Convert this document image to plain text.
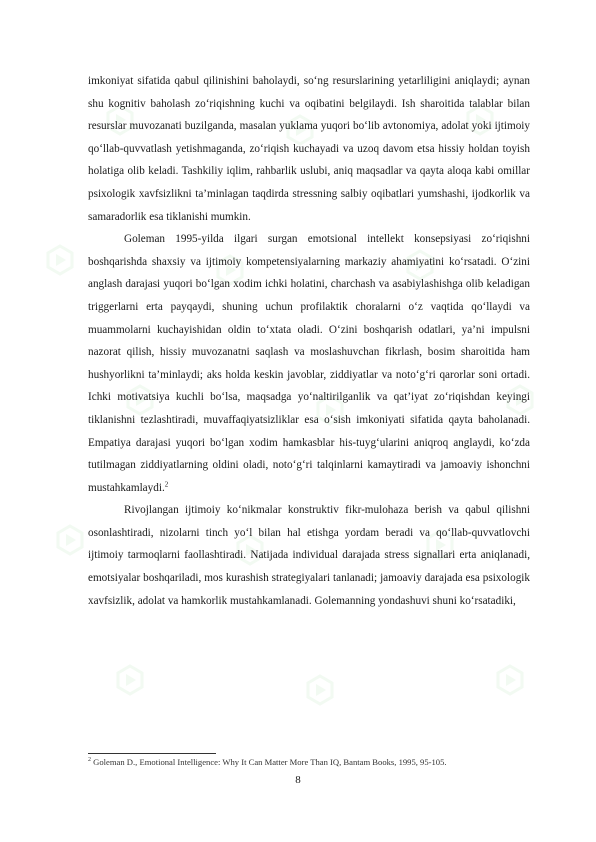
imkoniyat sifatida qabul qilinishini baholaydi, so‘ng resurslarining yetarliligini aniqlaydi; aynan shu kognitiv baholash zo‘riqishning kuchi va oqibatini belgilaydi. Ish sharoitida talablar bilan resurslar muvozanati buzilganda, masalan yuklama yuqori bo‘lib avtonomiya, adolat yoki ijtimoiy qo‘llab-quvvatlash yetishmaganda, zo‘riqish kuchayadi va uzoq davom etsa hissiy holdan toyish holatiga olib keladi. Tashkiliy iqlim, rahbarlik uslubi, aniq maqsadlar va qayta aloqa kabi omillar psixologik xavfsizlikni ta’minlagan taqdirda stressning salbiy oqibatlari yumshashi, ijodkorlik va samaradorlik esa tiklanishi mumkin.

Goleman 1995-yilda ilgari surgan emotsional intellekt konsepsiyasi zo‘riqishni boshqarishda shaxsiy va ijtimoiy kompetensiyalarning markaziy ahamiyatini ko‘rsatadi. O‘zini anglash darajasi yuqori bo‘lgan xodim ichki holatini, charchash va asabiylashishga olib keladigan triggerlarni erta payqaydi, shuning uchun profilaktik choralarni o‘z vaqtida qo‘llaydi va muammolarni kuchayishidan oldin to‘xtata oladi. O‘zini boshqarish odatlari, ya’ni impulsni nazorat qilish, hissiy muvozanatni saqlash va moslashuvchan fikrlash, bosim sharoitida ham hushyorlikni ta’minlaydi; aks holda keskin javoblar, ziddiyatlar va noto‘g‘ri qarorlar soni ortadi. Ichki motivatsiya kuchli bo‘lsa, maqsadga yo‘naltirilganlik va qat’iyat zo‘riqishdan keyingi tiklanishni tezlashtiradi, muvaffaqiyatsizliklar esa o‘sish imkoniyati sifatida qayta baholanadi. Empatiya darajasi yuqori bo‘lgan xodim hamkasblar his-tuyg‘ularini aniqroq anglaydi, ko‘zda tutilmagan ziddiyatlarning oldini oladi, noto‘g‘ri talqinlarni kamaytiradi va jamoaviy ishonchni mustahkamlaydi.$^2$

Rivojlangan ijtimoiy ko‘nikmalar konstruktiv fikr-mulohaza berish va qabul qilishni osonlashtiradi, nizolarni tinch yo‘l bilan hal etishga yordam beradi va qo‘llab-quvvatlovchi ijtimoiy tarmoqlarni faollashtiradi. Natijada individual darajada stress signallari erta aniqlanadi, emotsiyalar boshqariladi, mos kurashish strategiyalari tanlanadi; jamoaviy darajada esa psixologik xavfsizlik, adolat va hamkorlik mustahkamlanadi. Golemanning yondashuvi shuni ko‘rsatadiki,

$^2$ Goleman D., Emotional Intelligence: Why It Can Matter More Than IQ, Bantam Books, 1995, 95-105.
8
